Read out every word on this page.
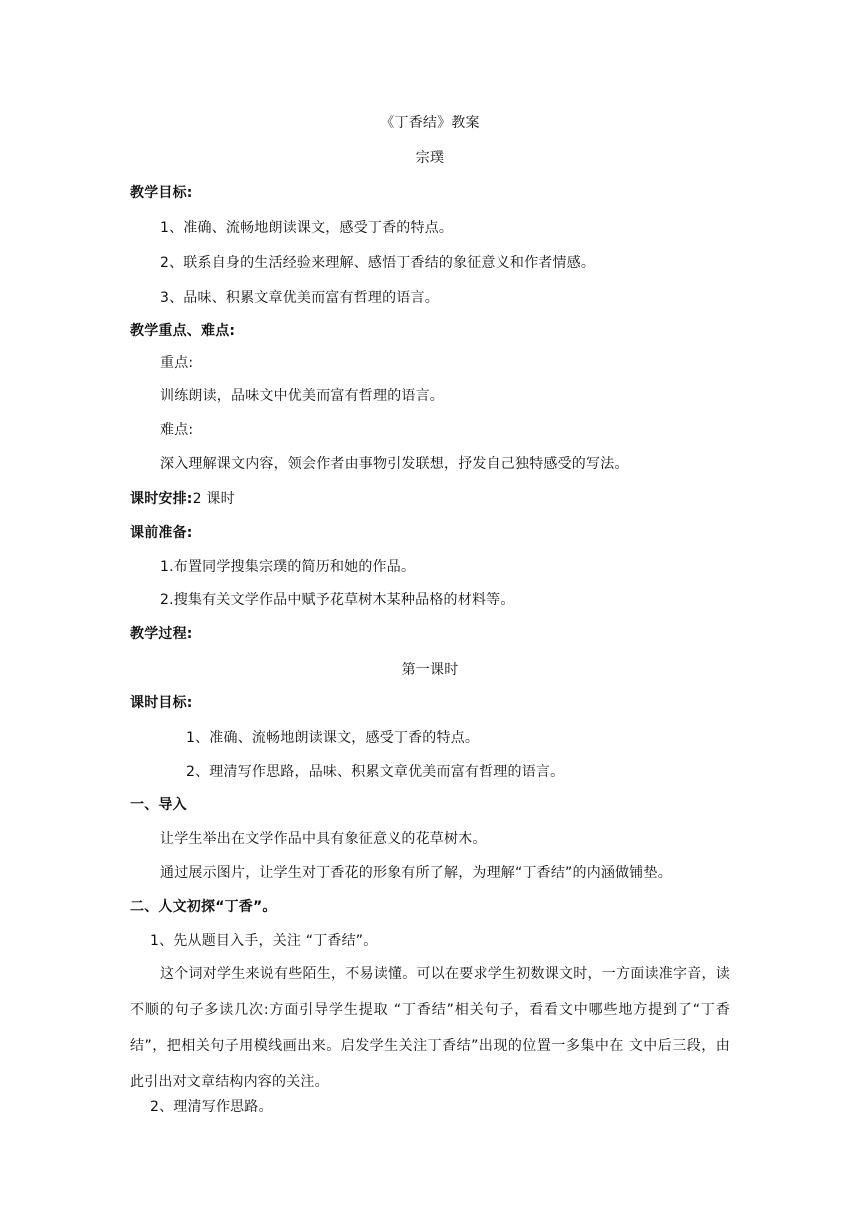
《丁香结》教案
宗璞
教学目标:
1、准确、流畅地朗读课文，感受丁香的特点。
2、联系自身的生活经验来理解、感悟丁香结的象征意义和作者情感。
3、品味、积累文章优美而富有哲理的语言。
教学重点、难点:
重点:
训练朗读，品味文中优美而富有哲理的语言。
难点:
深入理解课文内容，领会作者由事物引发联想，抒发自己独特感受的写法。
课时安排:2 课时
课前准备:
1.布置同学搜集宗璞的简历和她的作品。
2.搜集有关文学作品中赋予花草树木某种品格的材料等。
教学过程:
第一课时
课时目标:
1、准确、流畅地朗读课文，感受丁香的特点。
2、理清写作思路，品味、积累文章优美而富有哲理的语言。
一、导入
让学生举出在文学作品中具有象征意义的花草树木。
通过展示图片，让学生对丁香花的形象有所了解，为理解“丁香结”的内涵做铺垫。
二、人文初探“丁香”。
1、先从题目入手，关注 “丁香结”。
这个词对学生来说有些陌生，不易读懂。可以在要求学生初数课文时，一方面读准字音，读不顺的句子多读几次:方面引导学生提取 “丁香结”相关句子，看看文中哪些地方提到了“丁香结”，把相关句子用模线画出来。启发学生关注丁香结”出现的位置一多集中在 文中后三段，由此引出对文章结构内容的关注。
2、理清写作思路。
